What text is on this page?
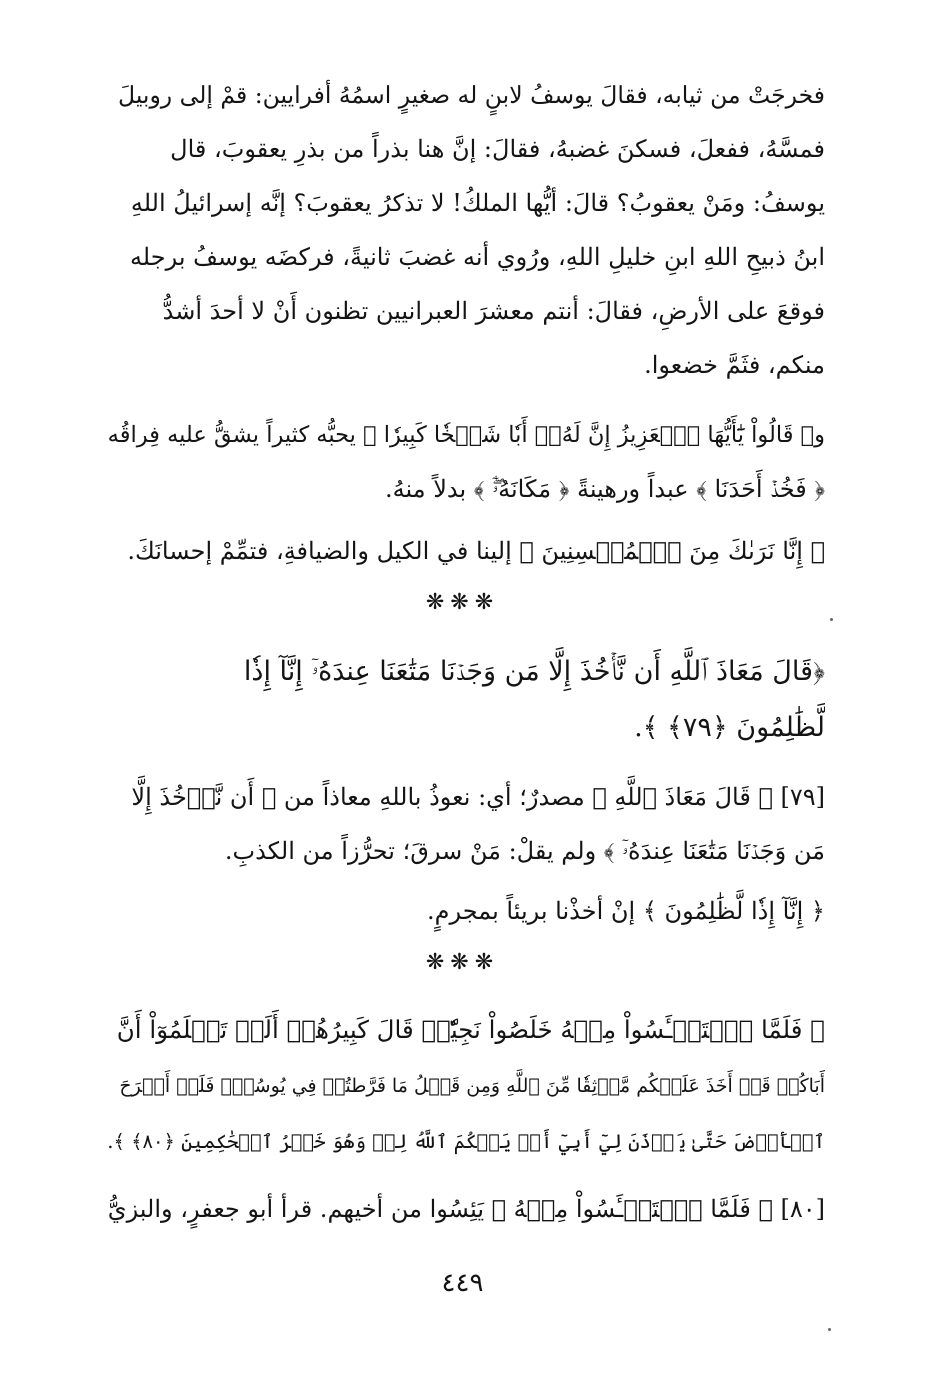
فخرجَتْ من ثيابه، فقالَ يوسفُ لابنٍ له صغيرٍ اسمُهُ أفرايين: قمْ إلى روبيلَ
فمسَّهُ، ففعلَ، فسكنَ غضبهُ، فقالَ: إنَّ هنا بذراً من بذرِ يعقوبَ، قال
يوسفُ: ومَنْ يعقوبُ؟ قالَ: أيُّها الملكُ! لا تذكرُ يعقوبَ؟ إنَّه إسرائيلُ اللهِ
ابنُ ذبيحِ اللهِ ابنِ خليلِ اللهِ، ورُوي أنه غضبَ ثانيةً، فركضَه يوسفُ برجله
فوقعَ على الأرضِ، فقالَ: أنتم معشرَ العبرانيين تظنون أَنْ لا أحدَ أشدُّ
منكم، فثَمَّ خضعوا.
و﴿ قَالُواْ يَٰٓأَيُّهَا ٱلۡعَزِيزُ إِنَّ لَهُۥٓ أَبٗا شَيۡخٗا كَبِيرٗا ﴾ يحبُّه كثيراً يشقُّ عليه فِراقُه
﴿ فَخُذۡ أَحَدَنَا ﴾ عبداً ورهينةً ﴿ مَكَانَهُۥٓۖ ﴾ بدلاً منهُ.
﴿ إِنَّا نَرَىٰكَ مِنَ ٱلۡمُحۡسِنِينَ ﴾ إلينا في الكيل والضيافةِ، فتمِّمْ إحسانَكَ.
❋❋❋
﴿قَالَ مَعَاذَ ٱللَّهِ أَن نَّأۡخُذَ إِلَّا مَن وَجَدۡنَا مَتَٰعَنَا عِندَهُۥٓ إِنَّآ إِذٗا
لَّظَٰلِمُونَ ﴿٧٩﴾ ﴾.
[٧٩] ﴿ قَالَ مَعَاذَ ٱللَّهِ ﴾ مصدرٌ؛ أي: نعوذُ باللهِ معاذاً من ﴿ أَن نَّأۡخُذَ إِلَّا
مَن وَجَدۡنَا مَتَٰعَنَا عِندَهُۥٓ ﴾ ولم يقلْ: مَنْ سرقَ؛ تحرُّزاً من الكذبِ.
﴿ إِنَّآ إِذٗا لَّظَٰلِمُونَ ﴾ إنْ أخذْنا بريئاً بمجرمٍ.
❋❋❋
﴿ فَلَمَّا ٱسۡتَيۡـَٔسُواْ مِنۡهُ خَلَصُواْ نَجِيّٗاۖ قَالَ كَبِيرُهُمۡ أَلَمۡ تَعۡلَمُوٓاْ أَنَّ
أَبَاكُمۡ قَدۡ أَخَذَ عَلَيۡكُم مَّوۡثِقٗا مِّنَ ٱللَّهِ وَمِن قَبۡلُ مَا فَرَّطتُمۡ فِي يُوسُفَۖ فَلَنۡ أَبۡرَحَ
ٱلۡأَرۡضَ حَتَّىٰ يَأۡذَنَ لِيٓ أَبِيٓ أَوۡ يَحۡكُمَ ٱللَّهُ لِيۖ وَهُوَ خَيۡرُ ٱلۡحَٰكِمِينَ ﴿٨٠﴾ ﴾.
[٨٠] ﴿ فَلَمَّا ٱسۡتَيۡـَٔسُواْ مِنۡهُ ﴾ يَئِسُوا من أخيهم. قرأ أبو جعفرٍ، والبزيُّ
٤٤٩
